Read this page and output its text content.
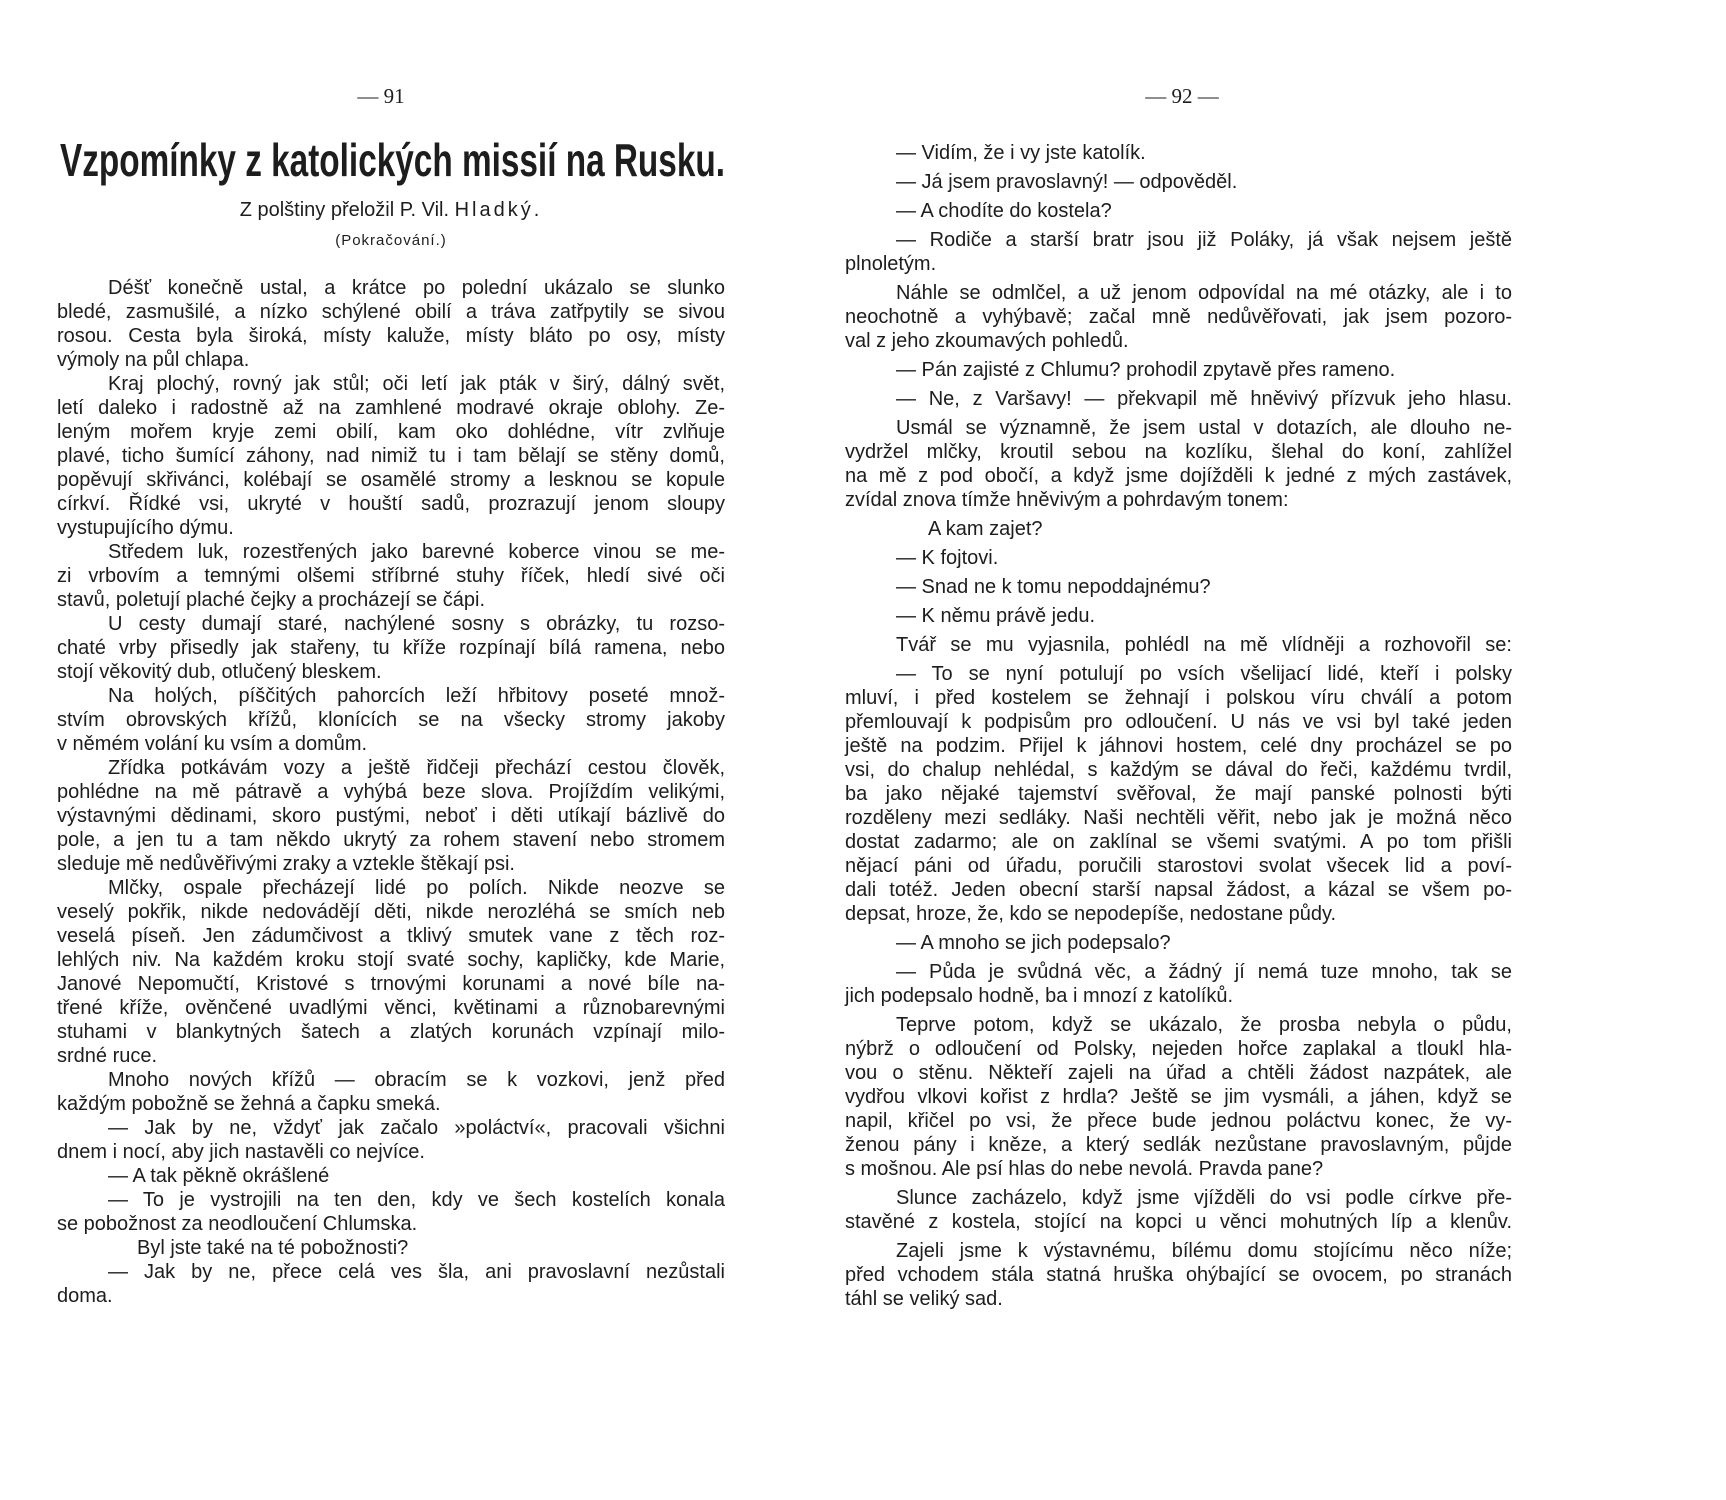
— 91
Vzpomínky z katolických missií na Rusku.
Z polštiny přeložil P. Vil. Hladký.
(Pokračování.)
Déšť konečně ustal, a krátce po polední ukázalo se slunko
bledé, zasmušilé, a nízko schýlené obilí a tráva zatřpytily se sivou
rosou. Cesta byla široká, místy kaluže, místy bláto po osy, místy
výmoly na půl chlapa.
Kraj plochý, rovný jak stůl; oči letí jak pták v širý, dálný svět,
letí daleko i radostně až na zamhlené modravé okraje oblohy. Ze-
leným mořem kryje zemi obilí, kam oko dohlédne, vítr zvlňuje
plavé, ticho šumící záhony, nad nimiž tu i tam bělají se stěny domů,
popěvují skřivánci, kolébají se osamělé stromy a lesknou se kopule
církví. Řídké vsi, ukryté v houští sadů, prozrazují jenom sloupy
vystupujícího dýmu.
Středem luk, rozestřených jako barevné koberce vinou se me-
zi vrbovím a temnými olšemi stříbrné stuhy říček, hledí sivé oči
stavů, poletují plaché čejky a procházejí se čápi.
U cesty dumají staré, nachýlené sosny s obrázky, tu rozso-
chaté vrby přisedly jak stařeny, tu kříže rozpínají bílá ramena, nebo
stojí věkovitý dub, otlučený bleskem.
Na holých, píščitých pahorcích leží hřbitovy poseté množ-
stvím obrovských křížů, klonících se na všecky stromy jakoby
v němém volání ku vsím a domům.
Zřídka potkávám vozy a ještě řidčeji přechází cestou člověk,
pohlédne na mě pátravě a vyhýbá beze slova. Projíždím velikými,
výstavnými dědinami, skoro pustými, neboť i děti utíkají bázlivě do
pole, a jen tu a tam někdo ukrytý za rohem stavení nebo stromem
sleduje mě nedůvěřivými zraky a vztekle štěkají psi.
Mlčky, ospale přecházejí lidé po polích. Nikde neozve se
veselý pokřik, nikde nedovádějí děti, nikde nerozléhá se smích neb
veselá píseň. Jen zádumčivost a tklivý smutek vane z těch roz-
lehlých niv. Na každém kroku stojí svaté sochy, kapličky, kde Marie,
Janové Nepomučtí, Kristové s trnovými korunami a nové bíle na-
třené kříže, ověnčené uvadlými věnci, květinami a různobarevnými
stuhami v blankytných šatech a zlatých korunách vzpínají milo-
srdné ruce.
Mnoho nových křížů — obracím se k vozkovi, jenž před
každým pobožně se žehná a čapku smeká.
— Jak by ne, vždyť jak začalo »poláctví«, pracovali všichni
dnem i nocí, aby jich nastavěli co nejvíce.
— A tak pěkně okrášlené
— To je vystrojili na ten den, kdy ve šech kostelích konala
se pobožnost za neodloučení Chlumska.
Byl jste také na té pobožnosti?
— Jak by ne, přece celá ves šla, ani pravoslavní nezůstali
doma.
— 92 —
— Vidím, že i vy jste katolík.
— Já jsem pravoslavný! — odpověděl.
— A chodíte do kostela?
— Rodiče a starší bratr jsou již Poláky, já však nejsem ještě
plnoletým.
Náhle se odmlčel, a už jenom odpovídal na mé otázky, ale i to
neochotně a vyhýbavě; začal mně nedůvěřovati, jak jsem pozoro-
val z jeho zkoumavých pohledů.
— Pán zajisté z Chlumu? prohodil zpytavě přes rameno.
— Ne, z Varšavy! — překvapil mě hněvivý přízvuk jeho hlasu.
Usmál se významně, že jsem ustal v dotazích, ale dlouho ne-
vydržel mlčky, kroutil sebou na kozlíku, šlehal do koní, zahlížel
na mě z pod obočí, a když jsme dojížděli k jedné z mých zastávek,
zvídal znova tímže hněvivým a pohrdavým tonem:
A kam zajet?
— K fojtovi.
— Snad ne k tomu nepoddajnému?
— K němu právě jedu.
Tvář se mu vyjasnila, pohlédl na mě vlídněji a rozhovořil se:
— To se nyní potulují po vsích všelijací lidé, kteří i polsky
mluví, i před kostelem se žehnají i polskou víru chválí a potom
přemlouvají k podpisům pro odloučení. U nás ve vsi byl také jeden
ještě na podzim. Přijel k jáhnovi hostem, celé dny procházel se po
vsi, do chalup nehlédal, s každým se dával do řeči, každému tvrdil,
ba jako nějaké tajemství svěřoval, že mají panské polnosti býti
rozděleny mezi sedláky. Naši nechtěli věřit, nebo jak je možná něco
dostat zadarmo; ale on zaklínal se všemi svatými. A po tom přišli
nějací páni od úřadu, poručili starostovi svolat všecek lid a poví-
dali totéž. Jeden obecní starší napsal žádost, a kázal se všem po-
depsat, hroze, že, kdo se nepodepíše, nedostane půdy.
— A mnoho se jich podepsalo?
— Půda je svůdná věc, a žádný jí nemá tuze mnoho, tak se
jich podepsalo hodně, ba i mnozí z katolíků.
Teprve potom, když se ukázalo, že prosba nebyla o půdu,
nýbrž o odloučení od Polsky, nejeden hořce zaplakal a tloukl hla-
vou o stěnu. Někteří zajeli na úřad a chtěli žádost nazpátek, ale
vydřou vlkovi kořist z hrdla? Ještě se jim vysmáli, a jáhen, když se
napil, křičel po vsi, že přece bude jednou poláctvu konec, že vy-
ženou pány i kněze, a který sedlák nezůstane pravoslavným, půjde
s mošnou. Ale psí hlas do nebe nevolá. Pravda pane?
Slunce zacházelo, když jsme vjížděli do vsi podle církve pře-
stavěné z kostela, stojící na kopci u věnci mohutných líp a klenův.
Zajeli jsme k výstavnému, bílému domu stojícímu něco níže;
před vchodem stála statná hruška ohýbající se ovocem, po stranách
táhl se veliký sad.
